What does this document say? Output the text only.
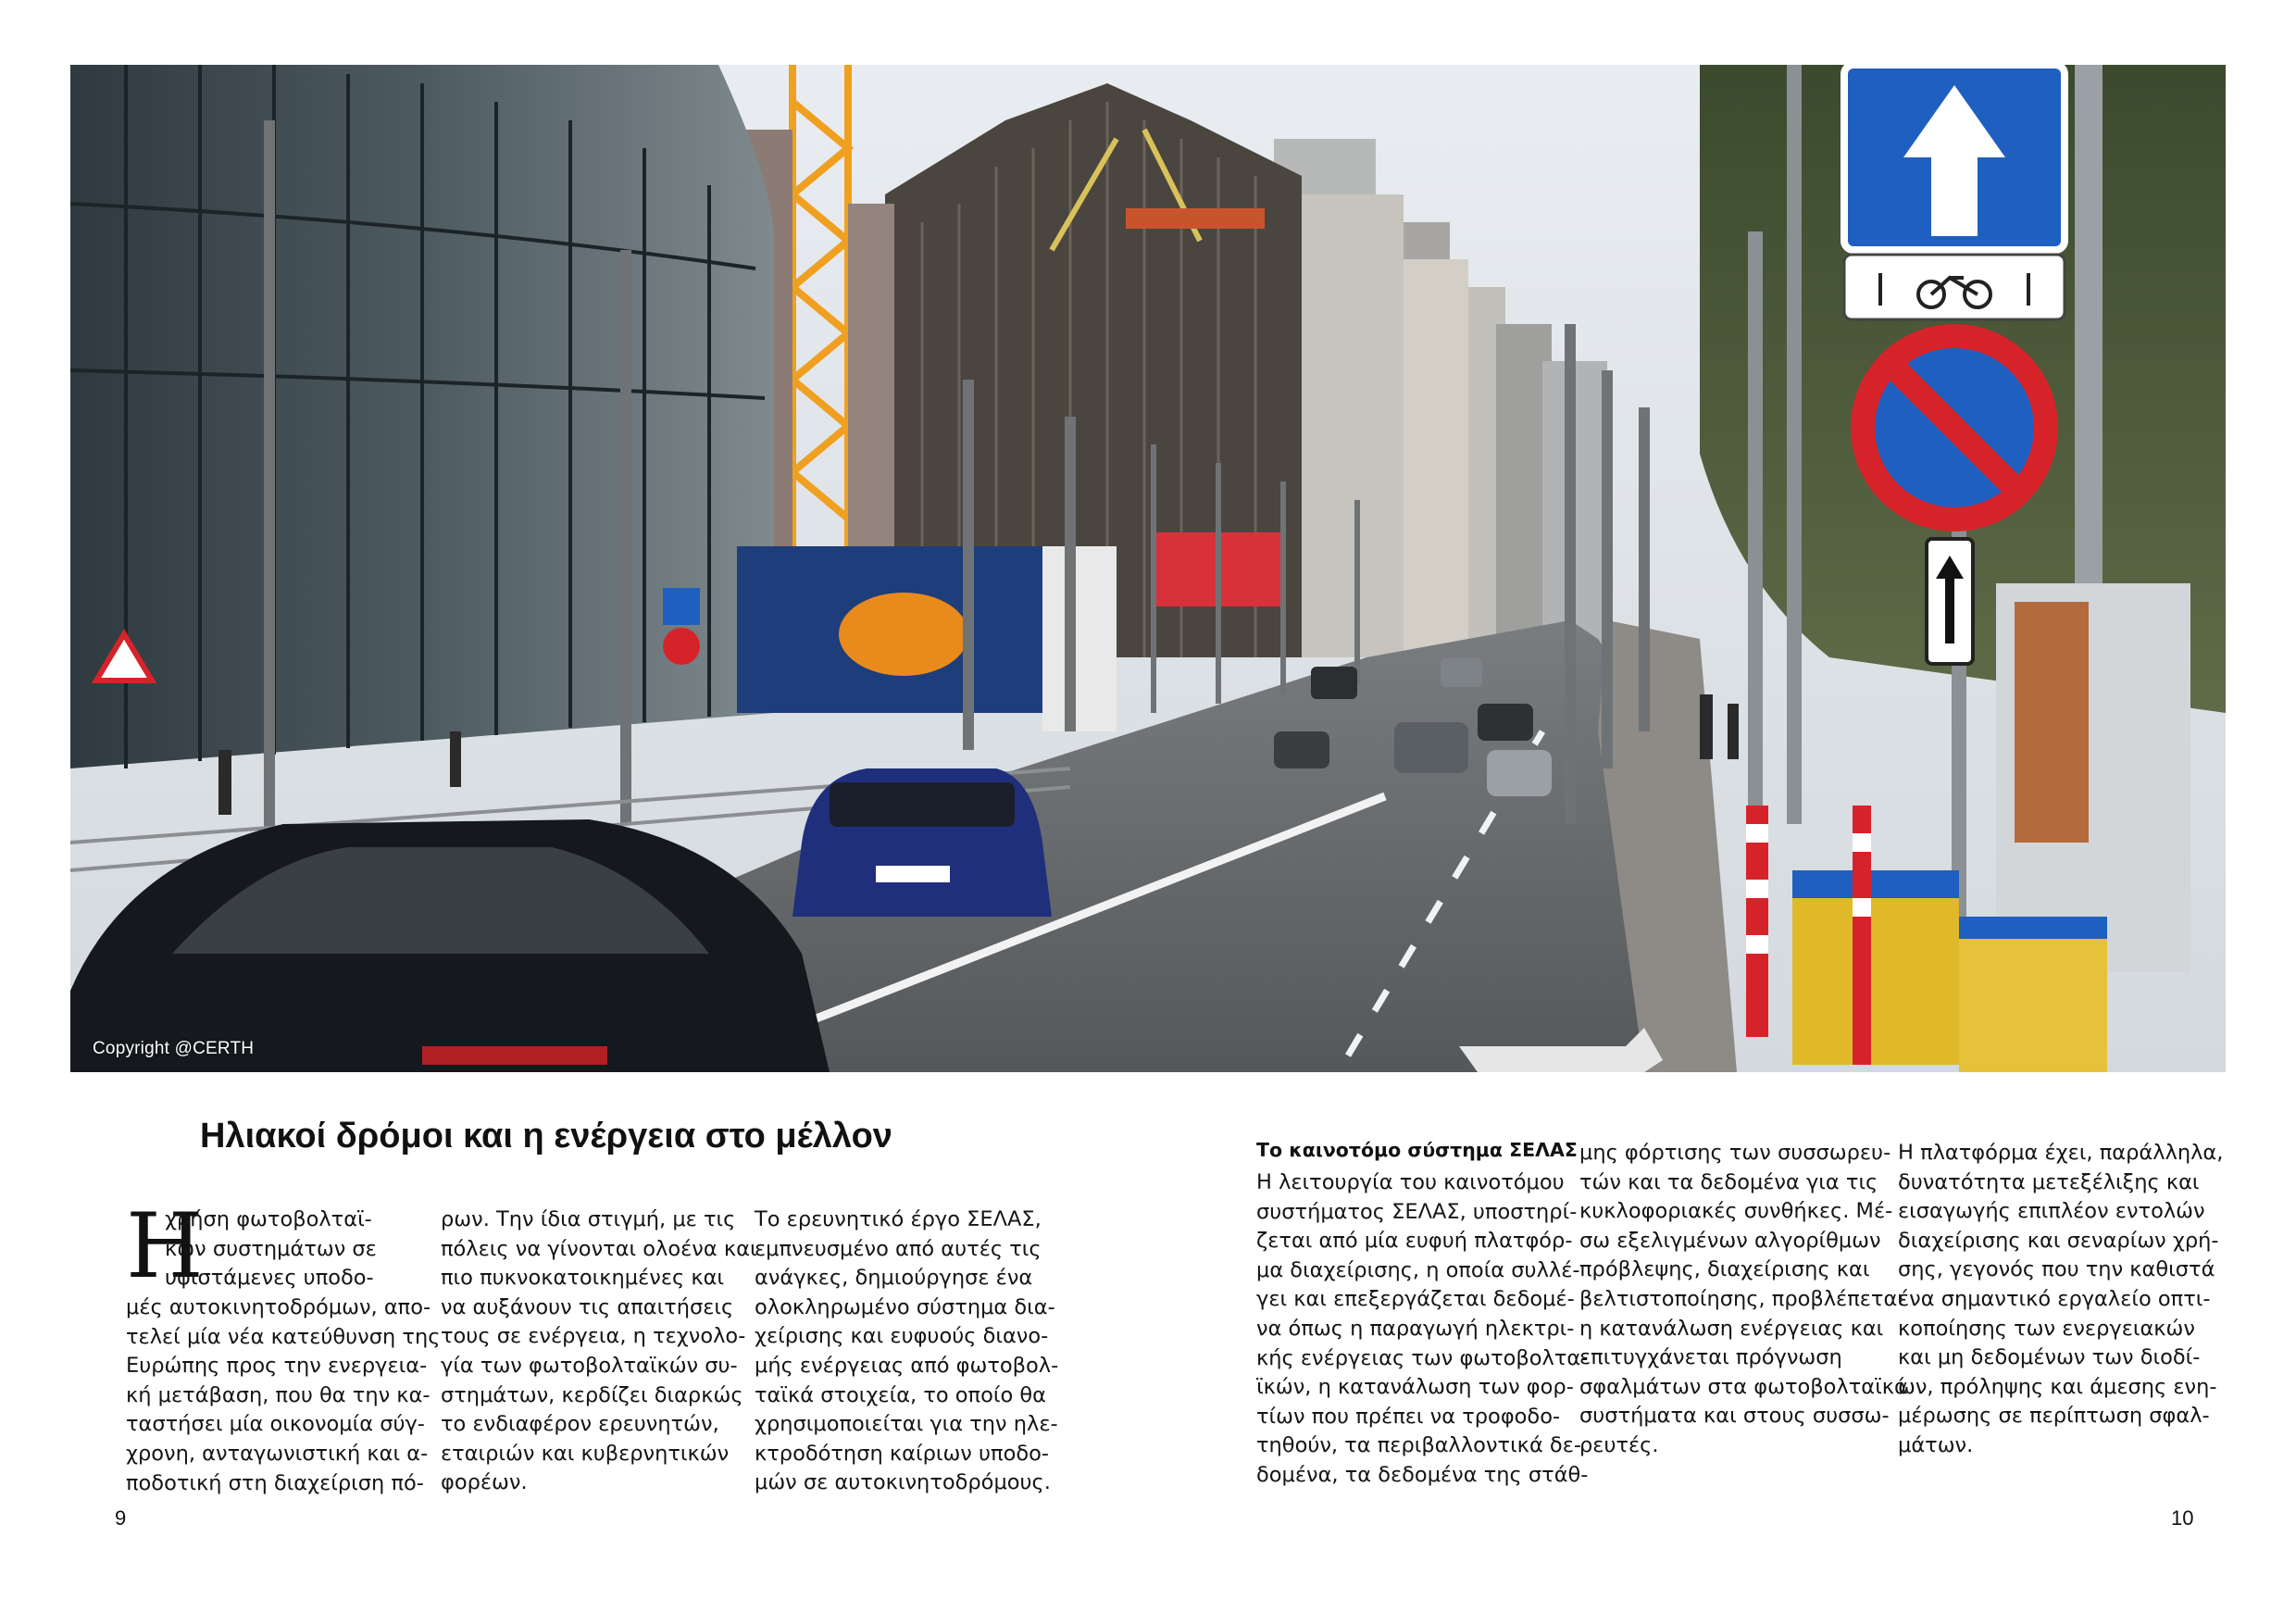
Copyright @CERTH
Ηλιακοί δρόμοι και η ενέργεια στο μέλλον
Η
χρήση φωτοβολταϊ-
κών συστημάτων σε
υφιστάμενες υποδο-
μές αυτοκινητοδρόμων, απο-
τελεί μία νέα κατεύθυνση της
Ευρώπης προς την ενεργεια-
κή μετάβαση, που θα την κα-
ταστήσει μία οικονομία σύγ-
χρονη, ανταγωνιστική και α-
ποδοτική στη διαχείριση πό-
ρων. Την ίδια στιγμή, με τις
πόλεις να γίνονται ολοένα και
πιο πυκνοκατοικημένες και
να αυξάνουν τις απαιτήσεις
τους σε ενέργεια, η τεχνολο-
γία των φωτοβολταϊκών συ-
στημάτων, κερδίζει διαρκώς
το ενδιαφέρον ερευνητών,
εταιριών και κυβερνητικών
φορέων.
Το ερευνητικό έργο ΣΕΛΑΣ,
εμπνευσμένο από αυτές τις
ανάγκες, δημιούργησε ένα
ολοκληρωμένο σύστημα δια-
χείρισης και ευφυούς διανο-
μής ενέργειας από φωτοβολ-
ταϊκά στοιχεία, το οποίο θα
χρησιμοποιείται για την ηλε-
κτροδότηση καίριων υποδο-
μών σε αυτοκινητοδρόμους.
Το καινοτόμο σύστημα ΣΕΛΑΣ
Η λειτουργία του καινοτόμου
συστήματος ΣΕΛΑΣ, υποστηρί-
ζεται από μία ευφυή πλατφόρ-
μα διαχείρισης, η οποία συλλέ-
γει και επεξεργάζεται δεδομέ-
να όπως η παραγωγή ηλεκτρι-
κής ενέργειας των φωτοβολτα-
ϊκών, η κατανάλωση των φορ-
τίων που πρέπει να τροφοδο-
τηθούν, τα περιβαλλοντικά δε-
δομένα, τα δεδομένα της στάθ-
μης φόρτισης των συσσωρευ-
τών και τα δεδομένα για τις
κυκλοφοριακές συνθήκες. Μέ-
σω εξελιγμένων αλγορίθμων
πρόβλεψης, διαχείρισης και
βελτιστοποίησης, προβλέπεται
η κατανάλωση ενέργειας και
επιτυγχάνεται πρόγνωση
σφαλμάτων στα φωτοβολταϊκά
συστήματα και στους συσσω-
ρευτές.
Η πλατφόρμα έχει, παράλληλα,
δυνατότητα μετεξέλιξης και
εισαγωγής επιπλέον εντολών
διαχείρισης και σεναρίων χρή-
σης, γεγονός που την καθιστά
ένα σημαντικό εργαλείο οπτι-
κοποίησης των ενεργειακών
και μη δεδομένων των διοδί-
ων, πρόληψης και άμεσης ενη-
μέρωσης σε περίπτωση σφαλ-
μάτων.
9	10
